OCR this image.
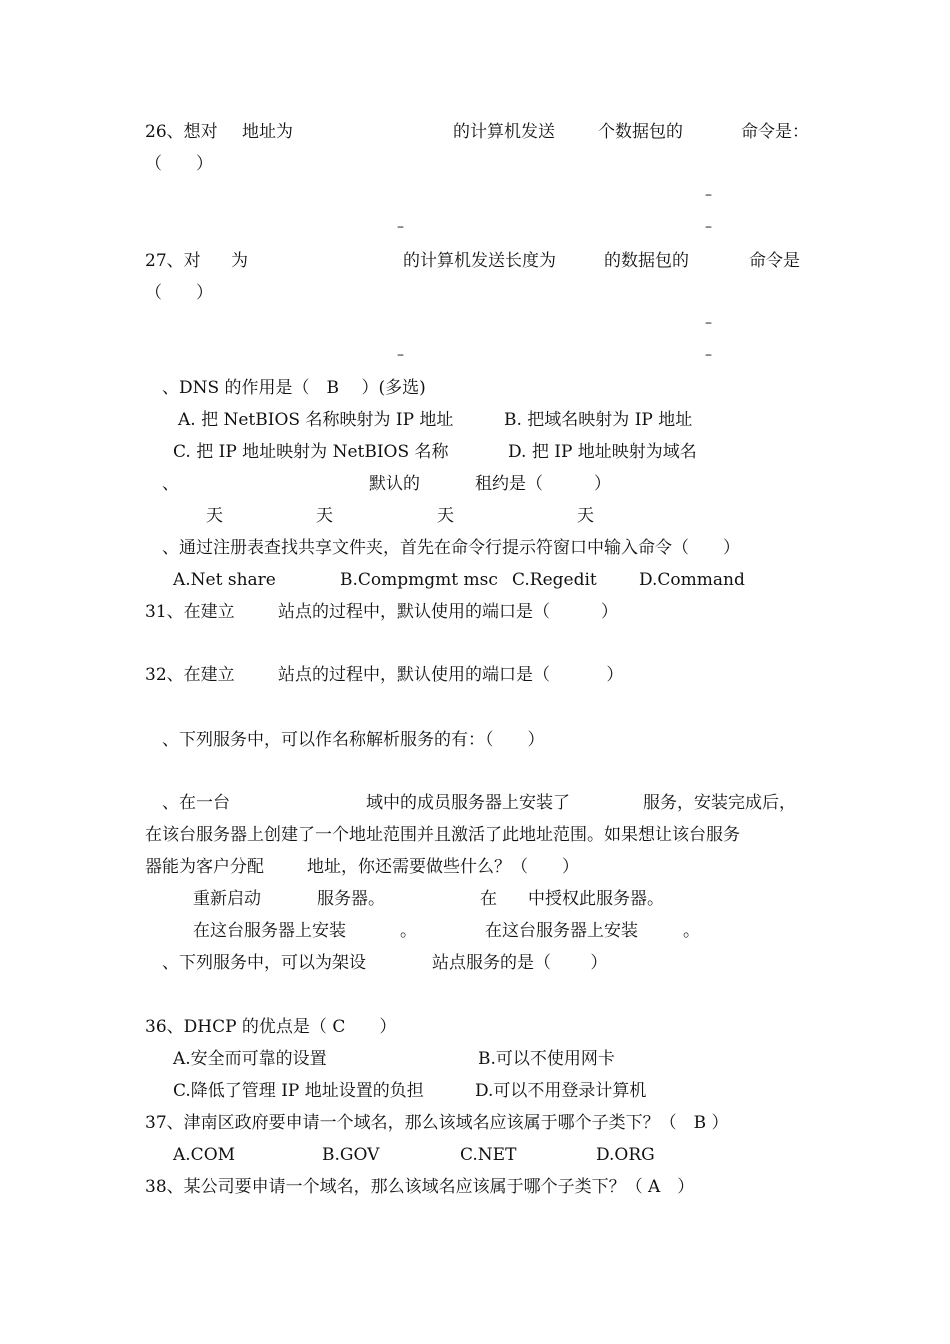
26、想对 地址为	的计算机发送	个数据包的	命令是：
（　　）
–
–	–
27、对 为	的计算机发送长度为	的数据包的	命令是
（　　）
–
–	–
、DNS 的作用是（　B　 ）(多选)
A. 把 NetBIOS 名称映射为 IP 地址	B. 把域名映射为 IP 地址
C. 把 IP 地址映射为 NetBIOS 名称	D. 把 IP 地址映射为域名
、	默认的	租约是（　　　）
天	天	天	天
、通过注册表查找共享文件夹，首先在命令行提示符窗口中输入命令（　　）
A.Net share	B.Compmgmt msc C.Regedit D.Command
31、在建立	站点的过程中，默认使用的端口是（　　　）
32、在建立	站点的过程中，默认使用的端口是（　　　 ）
、下列服务中，可以作名称解析服务的有：（　　）
、在一台	域中的成员服务器上安装了	服务，安装完成后，
在该台服务器上创建了一个地址范围并且激活了此地址范围。如果想让该台服务
器能为客户分配	地址，你还需要做些什么？（　　）
重新启动	服务器。	在 中授权此服务器。
在这台服务器上安装	。	在这台服务器上安装	。
、下列服务中，可以为架设	站点服务的是（　　 ）
36、DHCP 的优点是（ C　　）
A.安全而可靠的设置	B.可以不使用网卡
C.降低了管理 IP 地址设置的负担	D.可以不用登录计算机
37、津南区政府要申请一个域名，那么该域名应该属于哪个子类下？（　B ）
A.COM	B.GOV	C.NET	D.ORG
38、某公司要申请一个域名，那么该域名应该属于哪个子类下？（ A　）
